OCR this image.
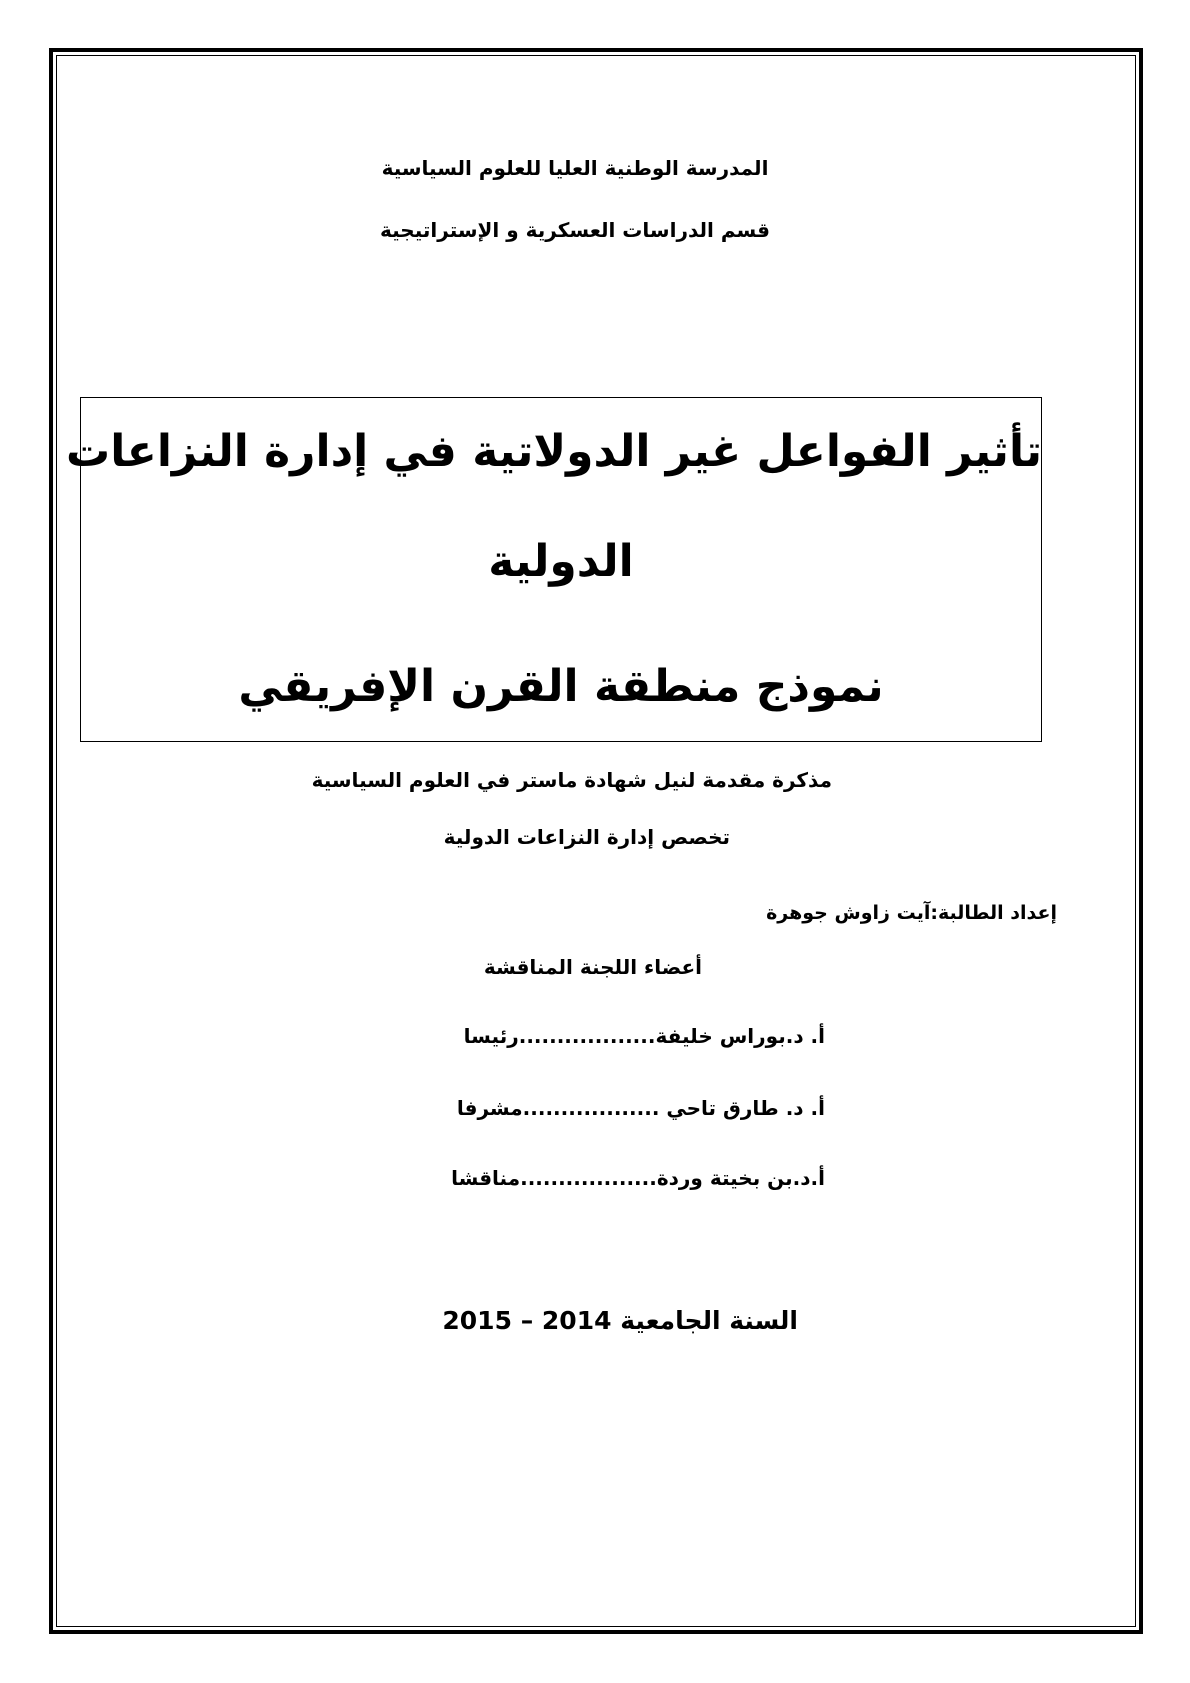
المدرسة الوطنية العليا للعلوم السياسية
قسم الدراسات العسكرية و الإستراتيجية
تأثير الفواعل غير الدولاتية في إدارة النزاعات
الدولية
نموذج منطقة القرن الإفريقي
مذكرة مقدمة لنيل شهادة ماستر في العلوم السياسية
تخصص إدارة النزاعات الدولية
إعداد الطالبة:آيت زاوش جوهرة
أعضاء اللجنة المناقشة
أ. د.بوراس خليفة..................رئيسا
أ. د. طارق تاحي ..................مشرفا
أ.د.بن بخيتة وردة..................مناقشا
السنة الجامعية 2014 – 2015
